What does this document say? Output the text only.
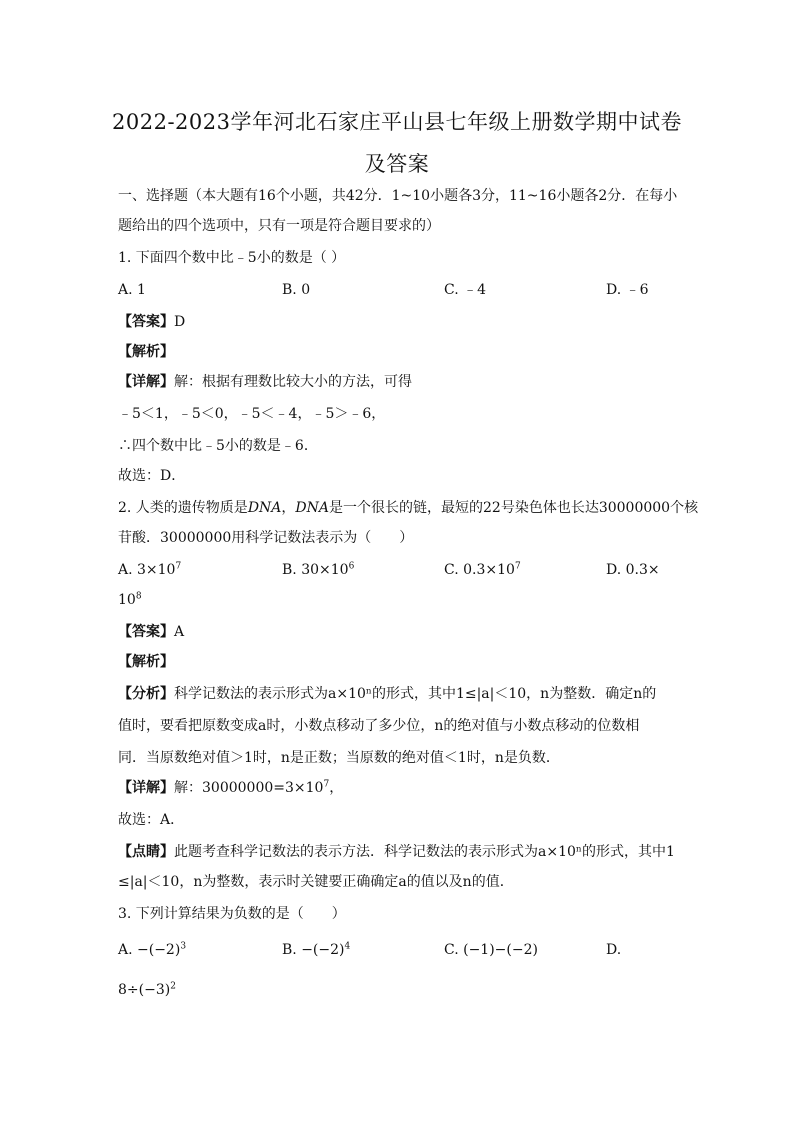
2022-2023学年河北石家庄平山县七年级上册数学期中试卷
及答案
一、选择题（本大题有16个小题，共42分．1~10小题各3分，11~16小题各2分．在每小
题给出的四个选项中，只有一项是符合题目要求的）
1. 下面四个数中比﹣5小的数是（ ）
A. 1	B. 0	C. ﹣4	D. ﹣6
【答案】D
【解析】
【详解】解：根据有理数比较大小的方法，可得
﹣5＜1，﹣5＜0，﹣5＜﹣4，﹣5＞﹣6，
∴四个数中比﹣5小的数是﹣6．
故选：D．
2. 人类的遗传物质是DNA，DNA是一个很长的链，最短的22号染色体也长达30000000个核
苷酸．30000000用科学记数法表示为（　　）
A. $3\times 10^7$	B. $30\times 10^6$	C. $0.3\times 10^7$	D. 0.3×
$10^8$
【答案】A
【解析】
【分析】科学记数法的表示形式为a×10ⁿ的形式，其中1≤|a|＜10，n为整数．确定n的
值时，要看把原数变成a时，小数点移动了多少位，n的绝对值与小数点移动的位数相
同．当原数绝对值＞1时，n是正数；当原数的绝对值＜1时，n是负数．
【详解】解：$30000000=3\times 10^7$，
故选：A．
【点睛】此题考查科学记数法的表示方法．科学记数法的表示形式为a×10ⁿ的形式，其中1
≤|a|＜10，n为整数，表示时关键要正确确定a的值以及n的值．
3. 下列计算结果为负数的是（　　）
A. $-(-2)^3$	B. $-(-2)^4$	C. (−1)−(−2)	D.
$8\div(-3)^2$
